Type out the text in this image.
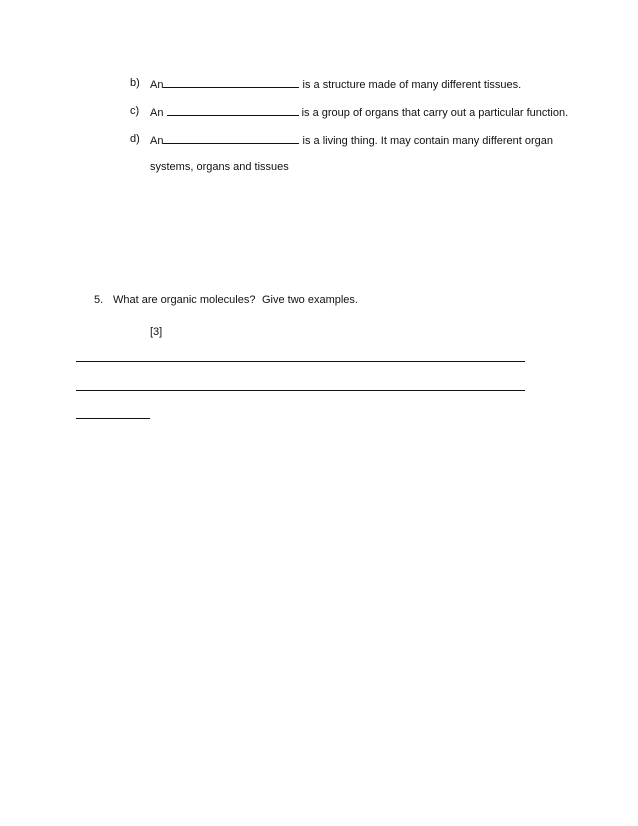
b) An	is a structure made of many different tissues.
c) An	is a group of organs that carry out a particular function.
d) An	is a living thing. It may contain many different organ
systems, organs and tissues
5. What are organic molecules? Give two examples.
[3]
